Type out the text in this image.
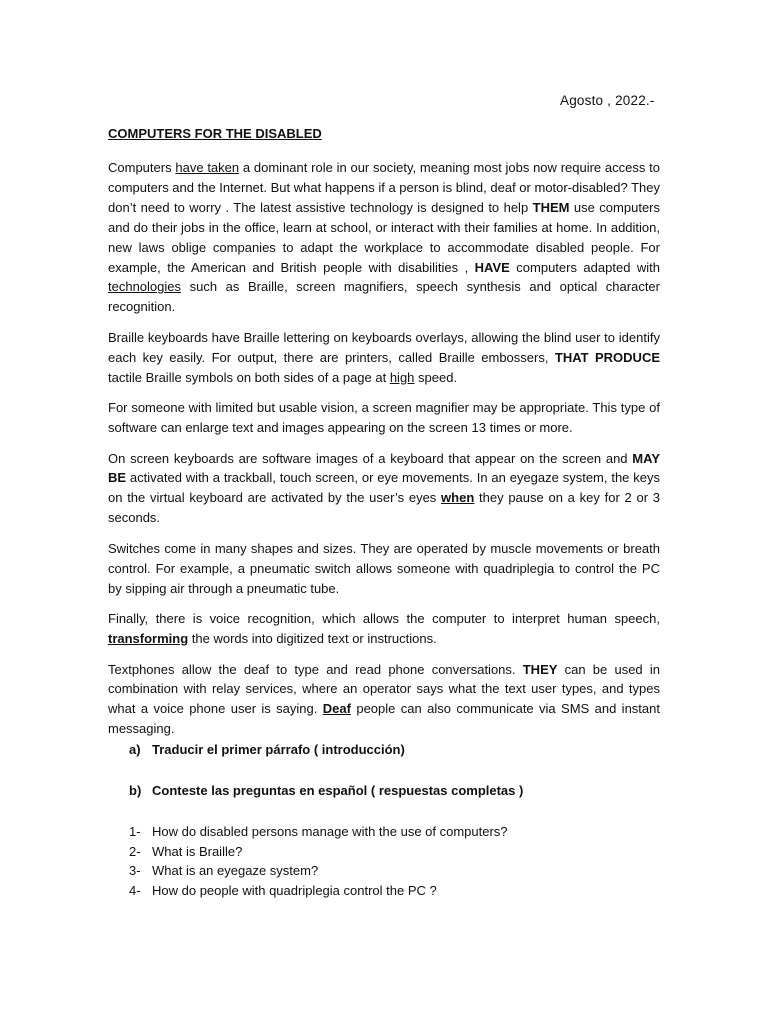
Agosto , 2022.-
COMPUTERS FOR THE DISABLED

Computers have taken a dominant role in our society, meaning most jobs now require access to computers and the Internet. But what happens if a person is blind, deaf or motor-disabled? They don’t need to worry . The latest assistive technology is designed to help THEM use computers and do their jobs in the office, learn at school, or interact with their families at home. In addition, new laws oblige companies to adapt the workplace to accommodate disabled people. For example, the American and British people with disabilities , HAVE computers adapted with technologies such as Braille, screen magnifiers, speech synthesis and optical character recognition.

Braille keyboards have Braille lettering on keyboards overlays, allowing the blind user to identify each key easily. For output, there are printers, called Braille embossers, THAT PRODUCE tactile Braille symbols on both sides of a page at high speed.

For someone with limited but usable vision, a screen magnifier may be appropriate. This type of software can enlarge text and images appearing on the screen 13 times or more.

On screen keyboards are software images of a keyboard that appear on the screen and MAY BE activated with a trackball, touch screen, or eye movements. In an eyegaze system, the keys on the virtual keyboard are activated by the user’s eyes when they pause on a key for 2 or 3 seconds.

Switches come in many shapes and sizes. They are operated by muscle movements or breath control. For example, a pneumatic switch allows someone with quadriplegia to control the PC by sipping air through a pneumatic tube.

Finally, there is voice recognition, which allows the computer to interpret human speech, transforming the words into digitized text or instructions.

Textphones allow the deaf to type and read phone conversations. THEY can be used in combination with relay services, where an operator says what the text user types, and types what a voice phone user is saying. Deaf people can also communicate via SMS and instant messaging.

a) Traducir el primer párrafo ( introducción)
b) Conteste las preguntas en español ( respuestas completas )
1- How do disabled persons manage with the use of computers?
2- What is Braille?
3- What is an eyegaze system?
4- How do people with quadriplegia control the PC ?
